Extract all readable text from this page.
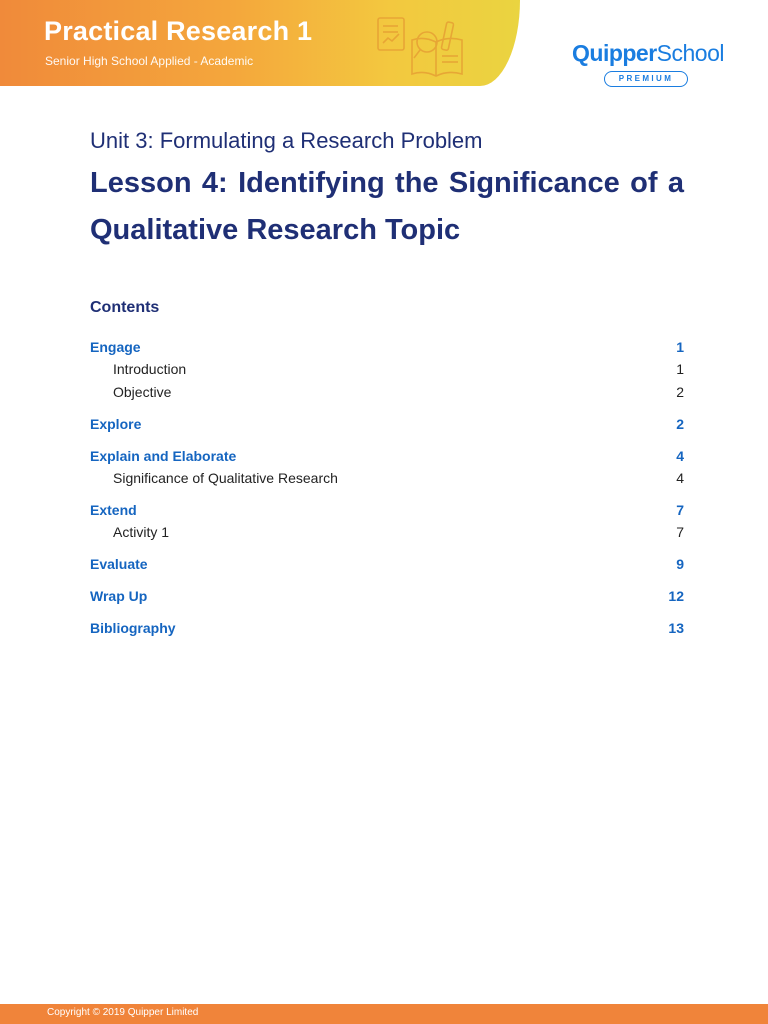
Practical Research 1
Senior High School Applied - Academic	QuipperSchool
PREMIUM
Unit 3: Formulating a Research Problem
Lesson 4: Identifying the Significance of a Qualitative Research Topic
Contents
Engage	1
Introduction	1
Objective	2
Explore	2
Explain and Elaborate	4
Significance of Qualitative Research	4
Extend	7
Activity 1	7
Evaluate	9
Wrap Up	12
Bibliography	13
Copyright © 2019 Quipper Limited
